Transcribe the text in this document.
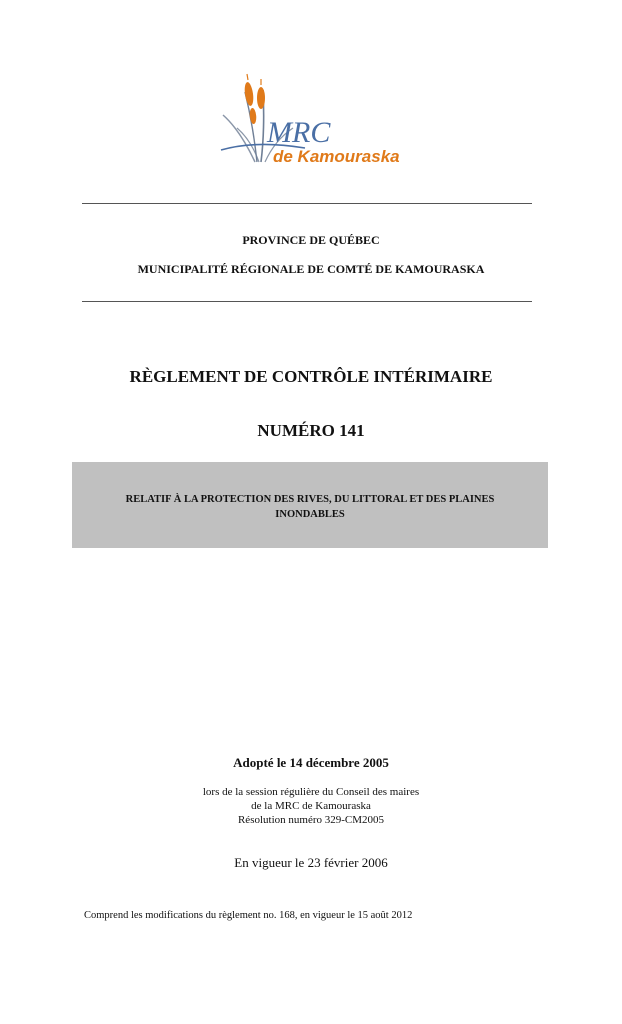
MRC
de Kamouraska
PROVINCE DE QUÉBEC
MUNICIPALITÉ RÉGIONALE DE COMTÉ DE KAMOURASKA
RÈGLEMENT DE CONTRÔLE INTÉRIMAIRE
NUMÉRO 141
RELATIF À LA PROTECTION DES RIVES, DU LITTORAL ET DES PLAINES INONDABLES
Adopté le 14 décembre 2005
lors de la session régulière du Conseil des maires
de la MRC de Kamouraska
Résolution numéro 329-CM2005
En vigueur le 23 février 2006
Comprend les modifications du règlement no. 168, en vigueur le 15 août 2012
